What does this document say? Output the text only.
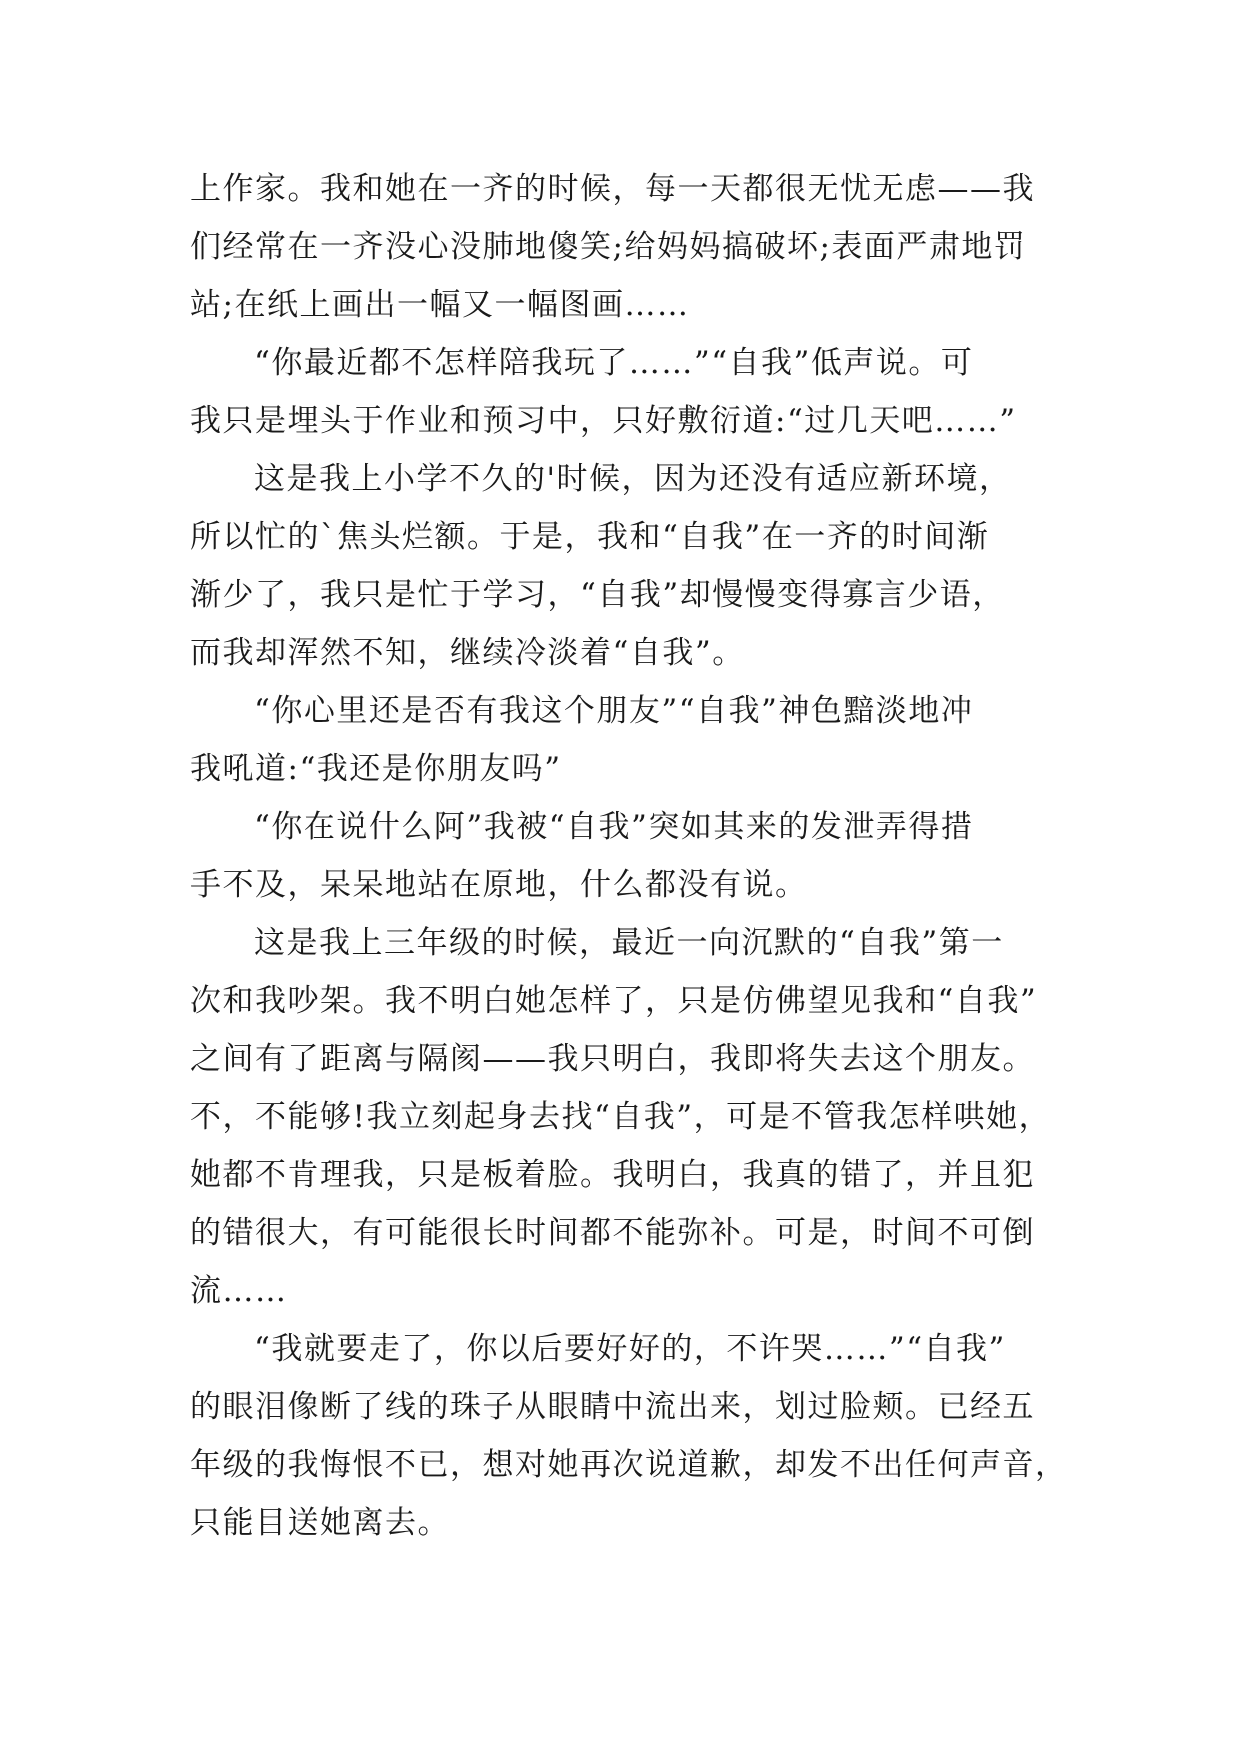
上作家。我和她在一齐的时候，每一天都很无忧无虑——我
们经常在一齐没心没肺地傻笑;给妈妈搞破坏;表面严肃地罚
站;在纸上画出一幅又一幅图画……
“你最近都不怎样陪我玩了……”“自我”低声说。可
我只是埋头于作业和预习中，只好敷衍道:“过几天吧……”
这是我上小学不久的'时候，因为还没有适应新环境，
所以忙的`焦头烂额。于是，我和“自我”在一齐的时间渐
渐少了，我只是忙于学习，“自我”却慢慢变得寡言少语，
而我却浑然不知，继续冷淡着“自我”。
“你心里还是否有我这个朋友”“自我”神色黯淡地冲
我吼道:“我还是你朋友吗”
“你在说什么阿”我被“自我”突如其来的发泄弄得措
手不及，呆呆地站在原地，什么都没有说。
这是我上三年级的时候，最近一向沉默的“自我”第一
次和我吵架。我不明白她怎样了，只是仿佛望见我和“自我”
之间有了距离与隔阂——我只明白，我即将失去这个朋友。
不，不能够!我立刻起身去找“自我”，可是不管我怎样哄她，
她都不肯理我，只是板着脸。我明白，我真的错了，并且犯
的错很大，有可能很长时间都不能弥补。可是，时间不可倒
流……
“我就要走了，你以后要好好的，不许哭……”“自我”
的眼泪像断了线的珠子从眼睛中流出来，划过脸颊。已经五
年级的我悔恨不已，想对她再次说道歉，却发不出任何声音，
只能目送她离去。
